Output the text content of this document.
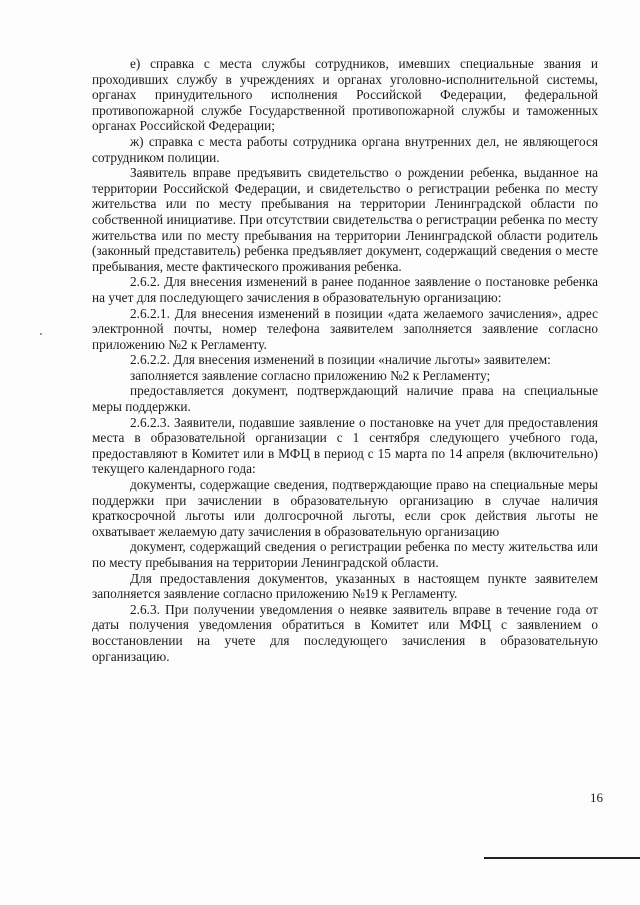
е) справка с места службы сотрудников, имевших специальные звания и проходивших службу в учреждениях и органах уголовно-исполнительной системы, органах принудительного исполнения Российской Федерации, федеральной противопожарной службе Государственной противопожарной службы и таможенных органах Российской Федерации;

ж) справка с места работы сотрудника органа внутренних дел, не являющегося сотрудником полиции.

Заявитель вправе предъявить свидетельство о рождении ребенка, выданное на территории Российской Федерации, и свидетельство о регистрации ребенка по месту жительства или по месту пребывания на территории Ленинградской области по собственной инициативе. При отсутствии свидетельства о регистрации ребенка по месту жительства или по месту пребывания на территории Ленинградской области родитель (законный представитель) ребенка предъявляет документ, содержащий сведения о месте пребывания, месте фактического проживания ребенка.

2.6.2. Для внесения изменений в ранее поданное заявление о постановке ребенка на учет для последующего зачисления в образовательную организацию:

2.6.2.1. Для внесения изменений в позиции «дата желаемого зачисления», адрес электронной почты, номер телефона заявителем заполняется заявление согласно приложению №2 к Регламенту.

2.6.2.2. Для внесения изменений в позиции «наличие льготы» заявителем:

заполняется заявление согласно приложению №2 к Регламенту;

предоставляется документ, подтверждающий наличие права на специальные меры поддержки.

2.6.2.3. Заявители, подавшие заявление о постановке на учет для предоставления места в образовательной организации с 1 сентября следующего учебного года, предоставляют в Комитет или в МФЦ в период с 15 марта по 14 апреля (включительно) текущего календарного года:

документы, содержащие сведения, подтверждающие право на специальные меры поддержки при зачислении в образовательную организацию в случае наличия краткосрочной льготы или долгосрочной льготы, если срок действия льготы не охватывает желаемую дату зачисления в образовательную организацию

документ, содержащий сведения о регистрации ребенка по месту жительства или по месту пребывания на территории Ленинградской области.

Для предоставления документов, указанных в настоящем пункте заявителем заполняется заявление согласно приложению №19 к Регламенту.

2.6.3. При получении уведомления о неявке заявитель вправе в течение года от даты получения уведомления обратиться в Комитет или МФЦ с заявлением о восстановлении на учете для последующего зачисления в образовательную организацию.

16
